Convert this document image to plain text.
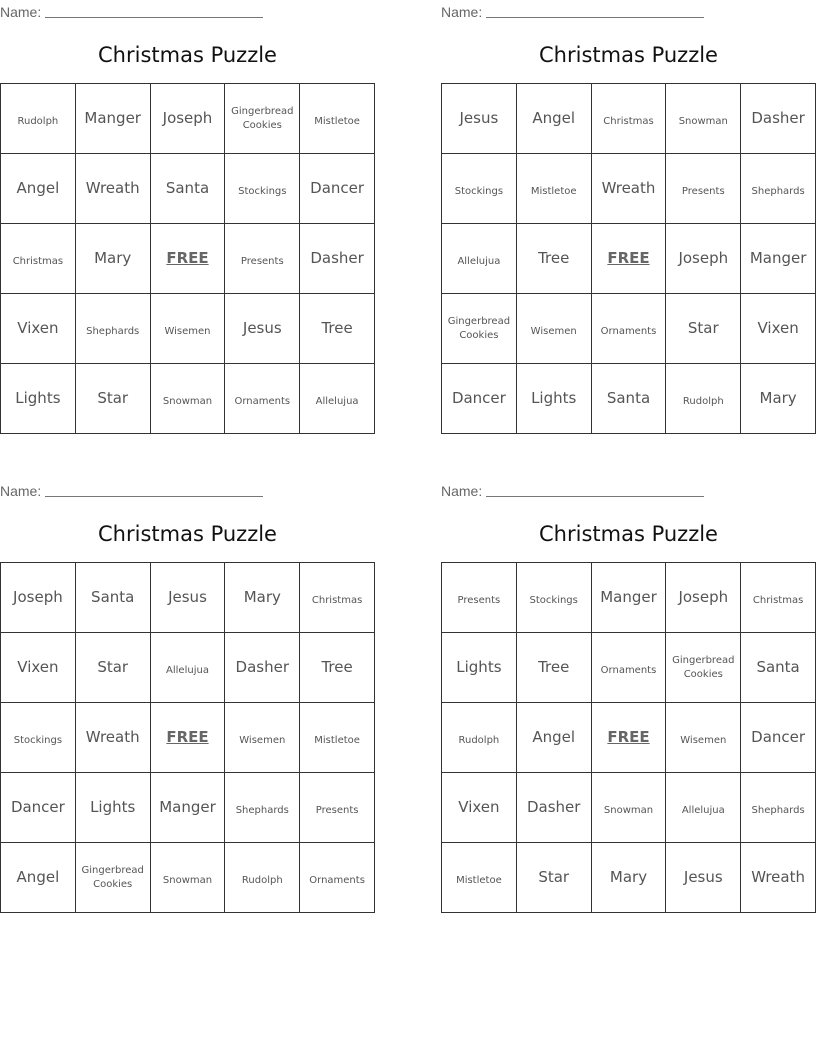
Name:
Christmas Puzzle
Rudolph	Manger	Joseph	Gingerbread Cookies	Mistletoe
Angel	Wreath	Santa	Stockings	Dancer
Christmas	Mary	FREE	Presents	Dasher
Vixen	Shephards	Wisemen	Jesus	Tree
Lights	Star	Snowman	Ornaments	Allelujua
Name:
Christmas Puzzle
Jesus	Angel	Christmas	Snowman	Dasher
Stockings	Mistletoe	Wreath	Presents	Shephards
Allelujua	Tree	FREE	Joseph	Manger
Gingerbread Cookies	Wisemen	Ornaments	Star	Vixen
Dancer	Lights	Santa	Rudolph	Mary
Name:
Christmas Puzzle
Joseph	Santa	Jesus	Mary	Christmas
Vixen	Star	Allelujua	Dasher	Tree
Stockings	Wreath	FREE	Wisemen	Mistletoe
Dancer	Lights	Manger	Shephards	Presents
Angel	Gingerbread Cookies	Snowman	Rudolph	Ornaments
Name:
Christmas Puzzle
Presents	Stockings	Manger	Joseph	Christmas
Lights	Tree	Ornaments	Gingerbread Cookies	Santa
Rudolph	Angel	FREE	Wisemen	Dancer
Vixen	Dasher	Snowman	Allelujua	Shephards
Mistletoe	Star	Mary	Jesus	Wreath
